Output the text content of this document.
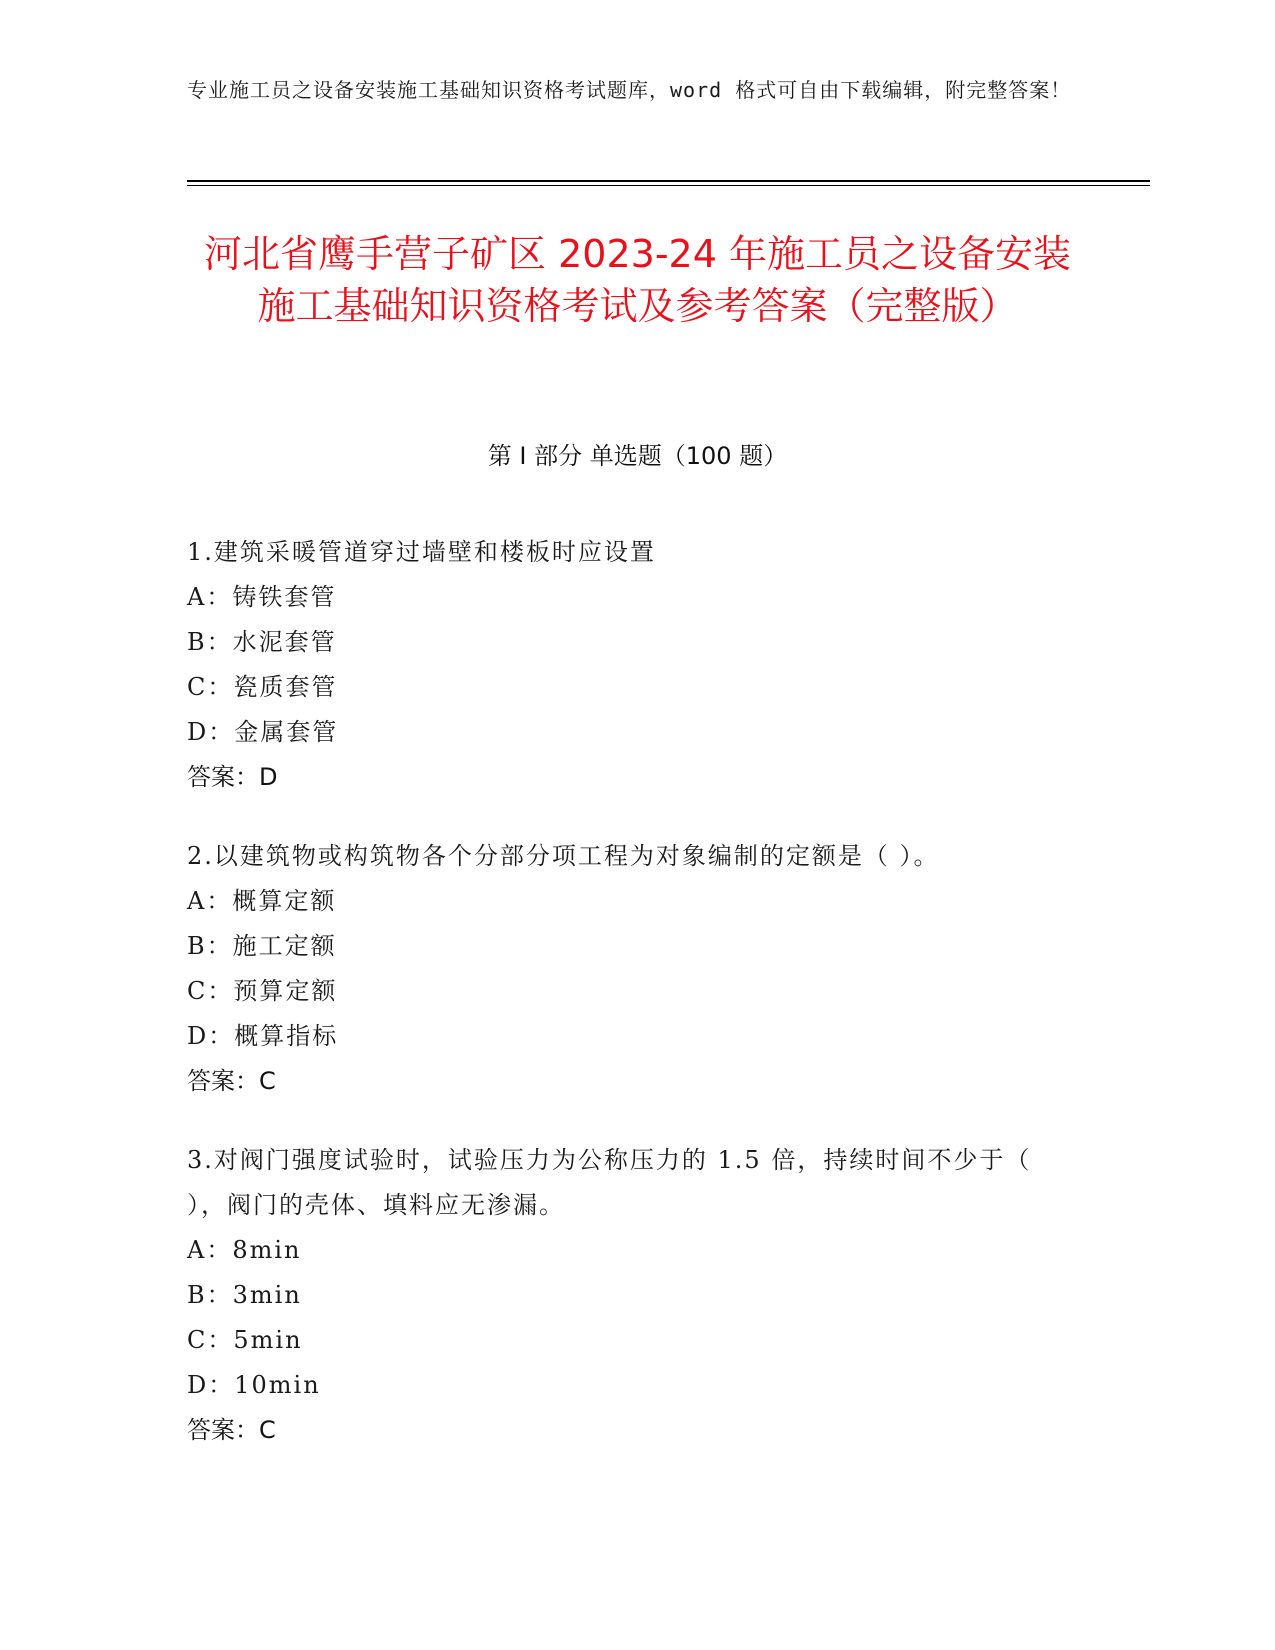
专业施工员之设备安装施工基础知识资格考试题库，word 格式可自由下载编辑，附完整答案！
河北省鹰手营子矿区 2023-24 年施工员之设备安装施工基础知识资格考试及参考答案（完整版）
第 I 部分 单选题（100 题）
1.建筑采暖管道穿过墙壁和楼板时应设置
A：铸铁套管
B：水泥套管
C：瓷质套管
D：金属套管
答案：D
2.以建筑物或构筑物各个分部分项工程为对象编制的定额是（ ）。
A：概算定额
B：施工定额
C：预算定额
D：概算指标
答案：C
3.对阀门强度试验时，试验压力为公称压力的 1.5 倍，持续时间不少于（ ），阀门的壳体、填料应无渗漏。
A：8min
B：3min
C：5min
D：10min
答案：C
